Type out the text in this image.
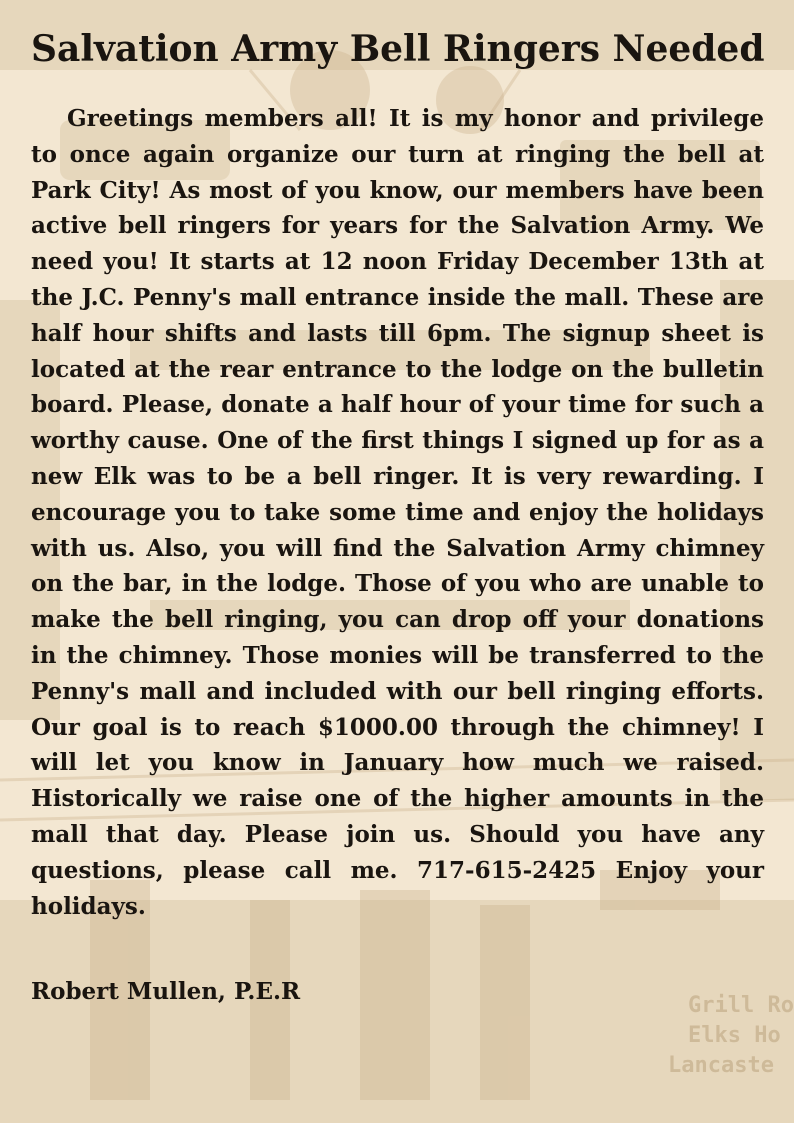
Grill Ro
Elks Ho
Lancaste
Salvation Army Bell Ringers Needed

Greetings members all! It is my honor and privilege to once again organize our turn at ringing the bell at Park City! As most of you know, our members have been active bell ringers for years for the Salvation Army. We need you! It starts at 12 noon Friday December 13th at the J.C. Penny's mall entrance inside the mall. These are half hour shifts and lasts till 6pm. The signup sheet is located at the rear entrance to the lodge on the bulletin board. Please, donate a half hour of your time for such a worthy cause. One of the first things I signed up for as a new Elk was to be a bell ringer. It is very rewarding. I encourage you to take some time and enjoy the holidays with us. Also, you will find the Salvation Army chimney on the bar, in the lodge. Those of you who are unable to make the bell ringing, you can drop off your donations in the chimney. Those monies will be transferred to the Penny's mall and included with our bell ringing efforts. Our goal is to reach $1000.00 through the chimney! I will let you know in January how much we raised. Historically we raise one of the higher amounts in the mall that day. Please join us. Should you have any questions, please call me. 717-615-2425 Enjoy your holidays.

Robert Mullen, P.E.R
